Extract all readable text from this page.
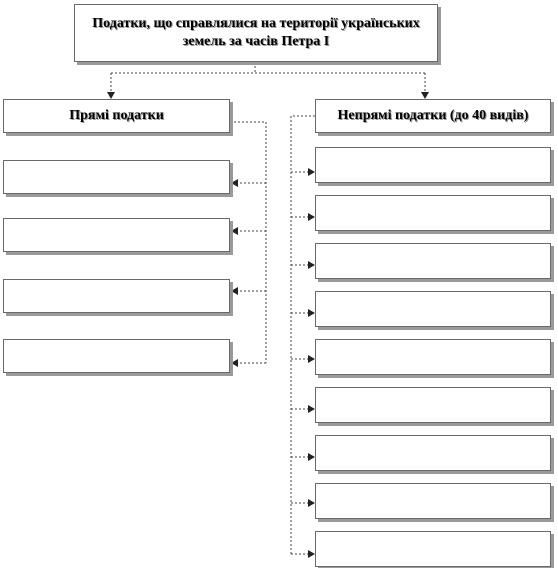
Податки, що справлялися на території українських земель за часів Петра І
Прямі податки	Непрямі податки (до 40 видів)
